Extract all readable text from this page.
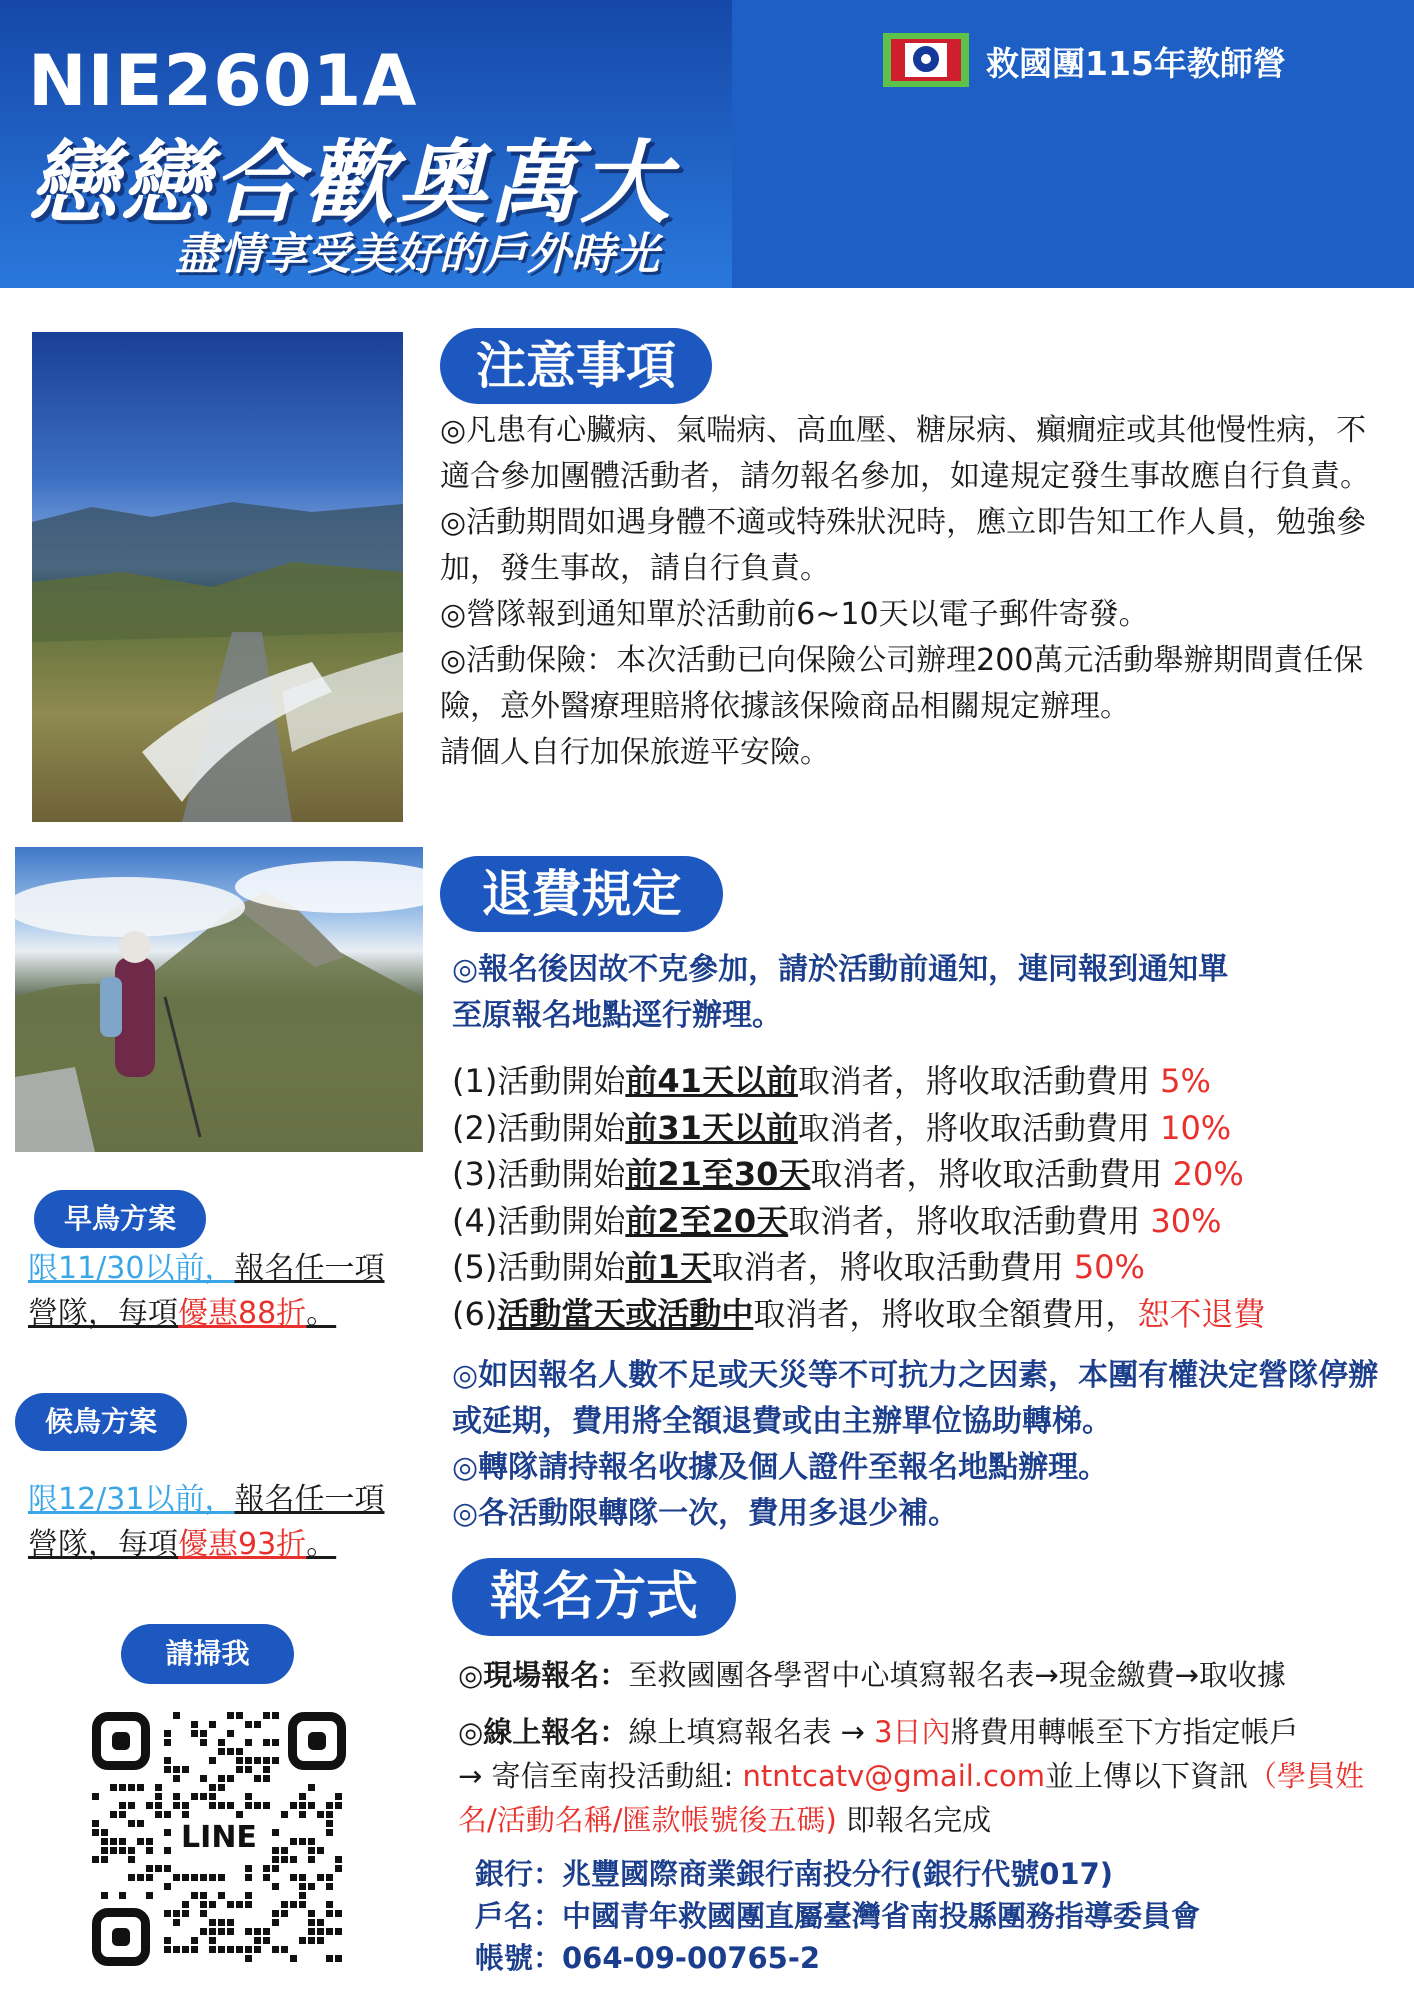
NIE2601A
戀戀合歡奧萬大
盡情享受美好的戶外時光
救國團115年教師營
注意事項
◎凡患有心臟病、氣喘病、高血壓、糖尿病、癲癇症或其他慢性病，不適合參加團體活動者，請勿報名參加，如違規定發生事故應自行負責。
◎活動期間如遇身體不適或特殊狀況時，應立即告知工作人員，勉強參加，發生事故，請自行負責。
◎營隊報到通知單於活動前6~10天以電子郵件寄發。
◎活動保險：本次活動已向保險公司辦理200萬元活動舉辦期間責任保險，意外醫療理賠將依據該保險商品相關規定辦理。
請個人自行加保旅遊平安險。
退費規定
◎報名後因故不克參加，請於活動前通知，連同報到通知單
至原報名地點逕行辦理。
(1)活動開始前41天以前取消者，將收取活動費用 5%
(2)活動開始前31天以前取消者，將收取活動費用 10%
(3)活動開始前21至30天取消者，將收取活動費用 20%
(4)活動開始前2至20天取消者，將收取活動費用 30%
(5)活動開始前1天取消者，將收取活動費用 50%
(6)活動當天或活動中取消者，將收取全額費用，恕不退費
◎如因報名人數不足或天災等不可抗力之因素，本團有權決定營隊停辦或延期，費用將全額退費或由主辦單位協助轉梯。
◎轉隊請持報名收據及個人證件至報名地點辦理。
◎各活動限轉隊一次，費用多退少補。
報名方式
◎現場報名：至救國團各學習中心填寫報名表→現金繳費→取收據
◎線上報名：線上填寫報名表 → 3日內將費用轉帳至下方指定帳戶
→ 寄信至南投活動組: ntntcatv@gmail.com並上傳以下資訊（學員姓名/活動名稱/匯款帳號後五碼) 即報名完成
銀行：兆豐國際商業銀行南投分行(銀行代號017)
戶名：中國青年救國團直屬臺灣省南投縣團務指導委員會
帳號：064-09-00765-2
早鳥方案
限11/30以前，報名任一項
營隊，每項優惠88折。
候鳥方案
限12/31以前，報名任一項
營隊，每項優惠93折。
請掃我
LINE
